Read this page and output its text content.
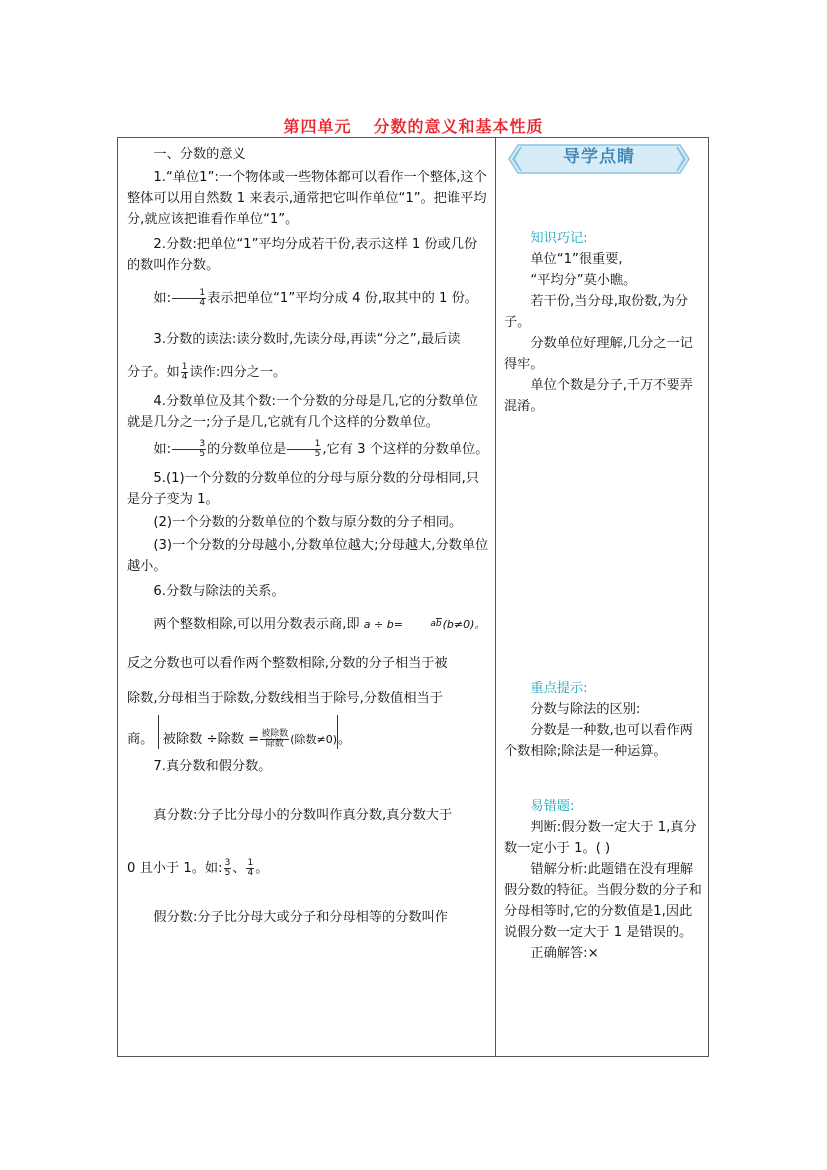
第四单元 分数的意义和基本性质

一、分数的意义

1.“单位1”:一个物体或一些物体都可以看作一个整体,这个整体可以用自然数 1 来表示,通常把它叫作单位“1”。把谁平均分,就应该把谁看作单位“1”。

2.分数:把单位“1”平均分成若干份,表示这样 1 份或几份的数叫作分数。

如: $\frac{1}{4}$ 表示把单位“1”平均分成 4 份,取其中的 1 份。

3.分数的读法:读分数时,先读分母,再读“分之”,最后读

分子。如 $\frac{1}{4}$ 读作:四分之一。

4.分数单位及其个数:一个分数的分母是几,它的分数单位就是几分之一;分子是几,它就有几个这样的分数单位。

如: $\frac{3}{5}$ 的分数单位是 $\frac{1}{5}$ ,它有 3 个这样的分数单位。

5.(1)一个分数的分数单位的分母与原分数的分母相同,只是分子变为 1。

(2)一个分数的分数单位的个数与原分数的分子相同。

(3)一个分数的分母越小,分数单位越大;分母越大,分数单位越小。

6.分数与除法的关系。

两个整数相除,可以用分数表示商,即 a ÷ b=	ab(b≠0)。

反之分数也可以看作两个整数相除,分数的分子相当于被

除数,分母相当于除数,分数线相当于除号,分数值相当于

商。 被除数 ÷除数 = 被除数
除数 (除数≠0)。

7.真分数和假分数。

真分数:分子比分母小的分数叫作真分数,真分数大于

0 且小于 1。如: $\frac{3}{5}$ 、 $\frac{1}{4}$ 。

假分数:分子比分母大或分子和分母相等的分数叫作

导学点睛

知识巧记:

单位“1”很重要,

“平均分”莫小瞧。

若干份,当分母,取份数,为分子。

分数单位好理解,几分之一记得牢。

单位个数是分子,千万不要弄混淆。

重点提示:

分数与除法的区别:

分数是一种数,也可以看作两个数相除;除法是一种运算。

易错题:

判断:假分数一定大于 1,真分数一定小于 1。( )

错解分析:此题错在没有理解假分数的特征。当假分数的分子和分母相等时,它的分数值是1,因此说假分数一定大于 1 是错误的。

正确解答:×
